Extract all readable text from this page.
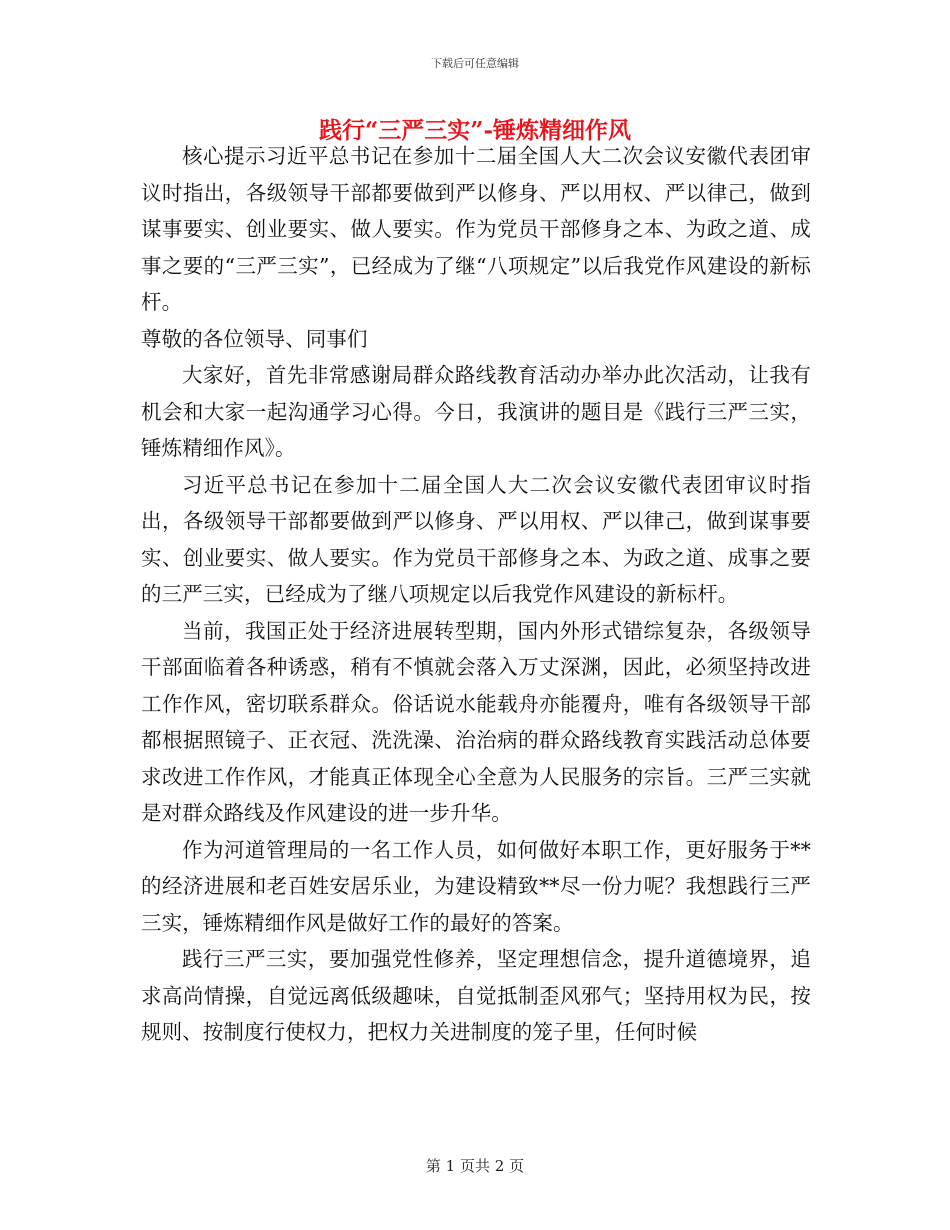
下载后可任意编辑
践行“三严三实”-锤炼精细作风

核心提示习近平总书记在参加十二届全国人大二次会议安徽代表团审议时指出，各级领导干部都要做到严以修身、严以用权、严以律己，做到谋事要实、创业要实、做人要实。作为党员干部修身之本、为政之道、成事之要的“三严三实”，已经成为了继“八项规定”以后我党作风建设的新标杆。

尊敬的各位领导、同事们

大家好，首先非常感谢局群众路线教育活动办举办此次活动，让我有机会和大家一起沟通学习心得。今日，我演讲的题目是《践行三严三实，锤炼精细作风》。

习近平总书记在参加十二届全国人大二次会议安徽代表团审议时指出，各级领导干部都要做到严以修身、严以用权、严以律己，做到谋事要实、创业要实、做人要实。作为党员干部修身之本、为政之道、成事之要的三严三实，已经成为了继八项规定以后我党作风建设的新标杆。

当前，我国正处于经济进展转型期，国内外形式错综复杂，各级领导干部面临着各种诱惑，稍有不慎就会落入万丈深渊，因此，必须坚持改进工作作风，密切联系群众。俗话说水能载舟亦能覆舟，唯有各级领导干部都根据照镜子、正衣冠、洗洗澡、治治病的群众路线教育实践活动总体要求改进工作作风，才能真正体现全心全意为人民服务的宗旨。三严三实就是对群众路线及作风建设的进一步升华。

作为河道管理局的一名工作人员，如何做好本职工作，更好服务于**的经济进展和老百姓安居乐业，为建设精致**尽一份力呢？我想践行三严三实，锤炼精细作风是做好工作的最好的答案。

践行三严三实，要加强党性修养，坚定理想信念，提升道德境界，追求高尚情操，自觉远离低级趣味，自觉抵制歪风邪气；坚持用权为民，按规则、按制度行使权力，把权力关进制度的笼子里，任何时候

第 1 页共 2 页
